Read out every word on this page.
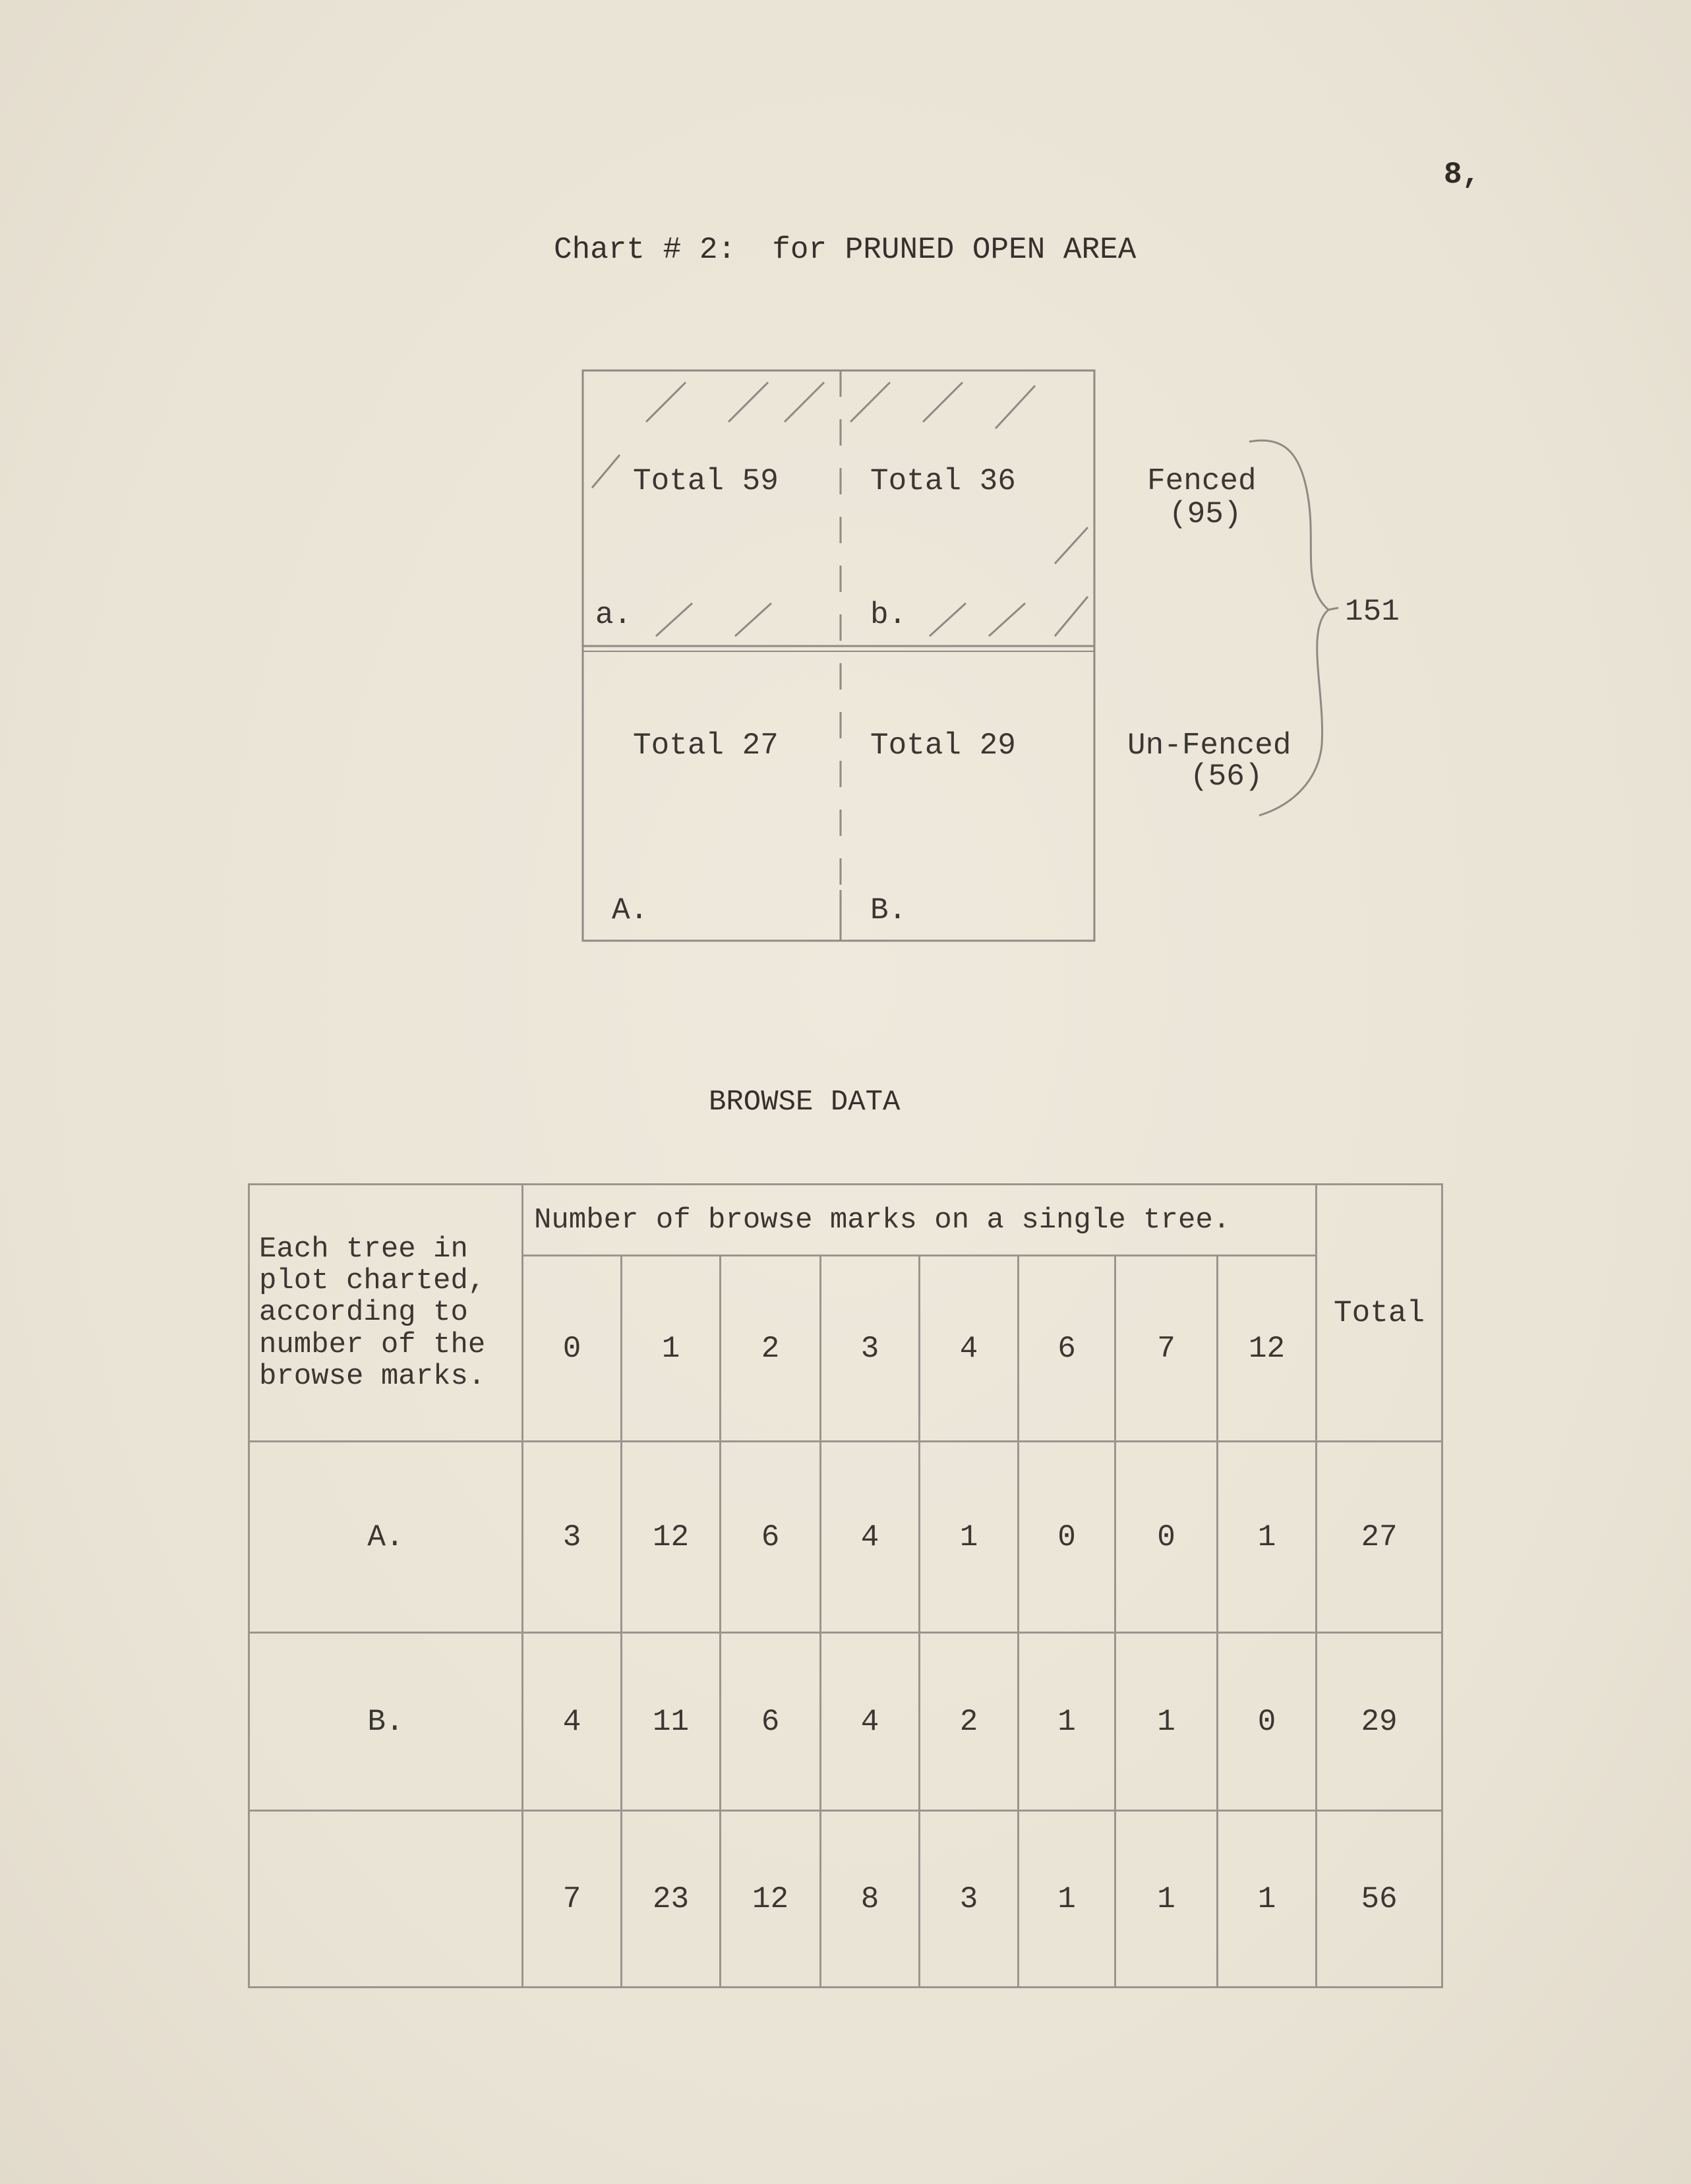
8,
Chart # 2:  for PRUNED OPEN AREA
Total 59	Total 36
a.	b.
Total 27	Total 29
A.	B.
Fenced
(95)
151
Un-Fenced
(56)
BROWSE DATA
Each tree in plot charted, according to number of the browse marks.	Number of browse marks on a single tree.								Total
	0	1	2	3	4	6	7	12	
A.	3	12	6	4	1	0	0	1	27
B.	4	11	6	4	2	1	1	0	29
	7	23	12	8	3	1	1	1	56
